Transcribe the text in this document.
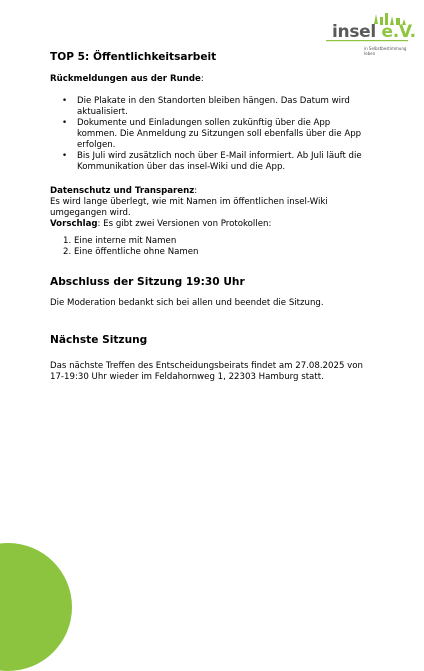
insel e.V.
in Selbstbestimmung
leben
TOP 5: Öffentlichkeitsarbeit
Rückmeldungen aus der Runde:
• Die Plakate in den Standorten bleiben hängen. Das Datum wird aktualisiert.
• Dokumente und Einladungen sollen zukünftig über die App kommen. Die Anmeldung zu Sitzungen soll ebenfalls über die App erfolgen.
• Bis Juli wird zusätzlich noch über E-Mail informiert. Ab Juli läuft die Kommunikation über das insel-Wiki und die App.
Datenschutz und Transparenz:
Es wird lange überlegt, wie mit Namen im öffentlichen insel-Wiki umgegangen wird.
Vorschlag: Es gibt zwei Versionen von Protokollen:
1. Eine interne mit Namen
2. Eine öffentliche ohne Namen
Abschluss der Sitzung 19:30 Uhr
Die Moderation bedankt sich bei allen und beendet die Sitzung.
Nächste Sitzung
Das nächste Treffen des Entscheidungsbeirats findet am 27.08.2025 von 17-19:30 Uhr wieder im Feldahornweg 1, 22303 Hamburg statt.
